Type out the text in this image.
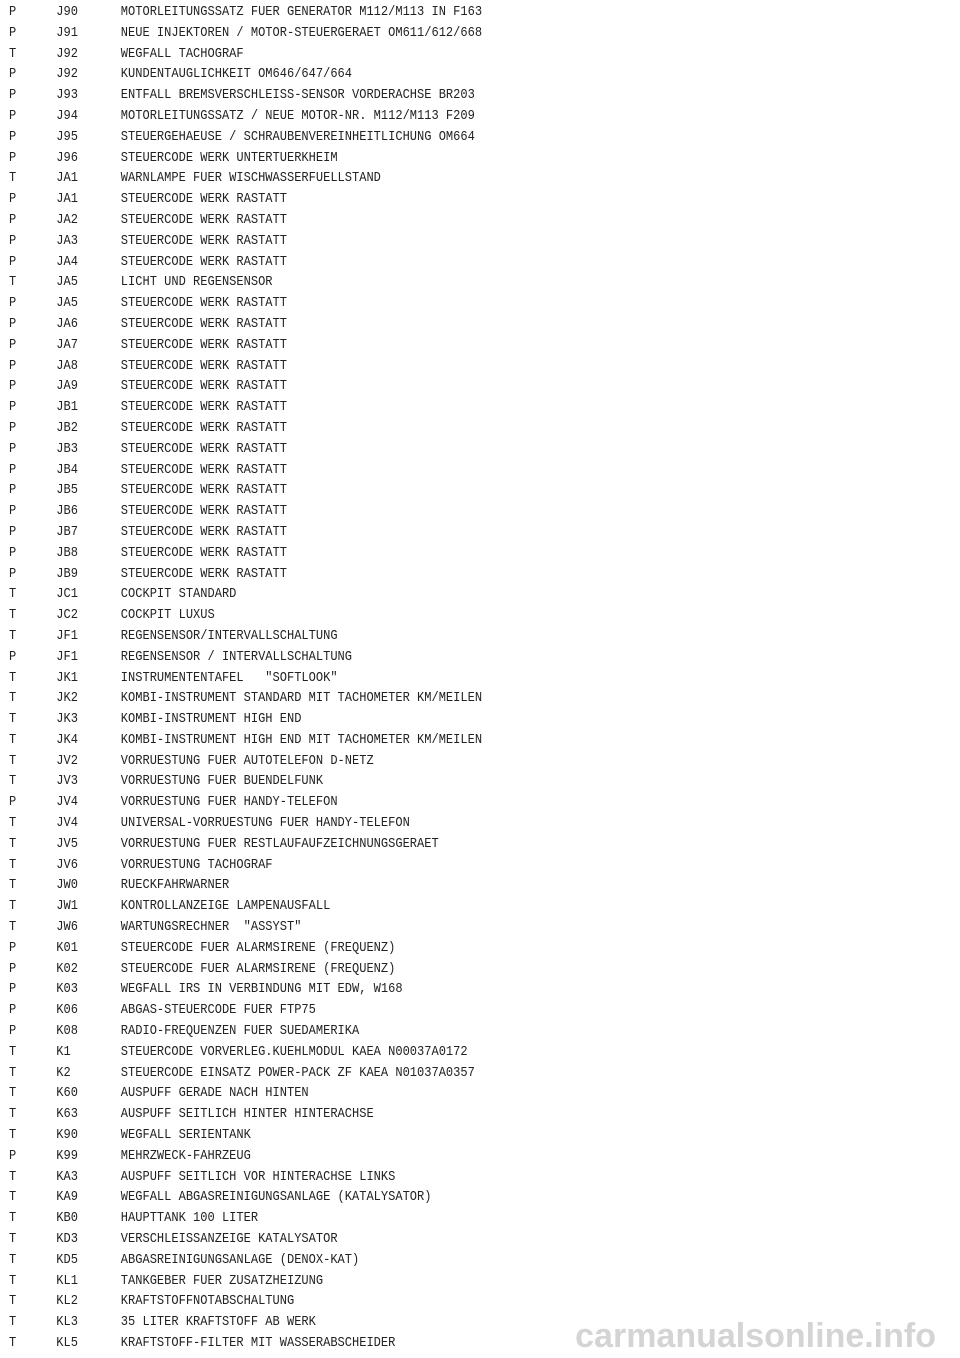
P	J90	MOTORLEITUNGSSATZ FUER GENERATOR M112/M113 IN F163
P	J91	NEUE INJEKTOREN / MOTOR-STEUERGERAET OM611/612/668
T	J92	WEGFALL TACHOGRAF
P	J92	KUNDENTAUGLICHKEIT OM646/647/664
P	J93	ENTFALL BREMSVERSCHLEISS-SENSOR VORDERACHSE BR203
P	J94	MOTORLEITUNGSSATZ / NEUE MOTOR-NR. M112/M113 F209
P	J95	STEUERGEHAEUSE / SCHRAUBENVEREINHEITLICHUNG OM664
P	J96	STEUERCODE WERK UNTERTUERKHEIM
T	JA1	WARNLAMPE FUER WISCHWASSERFUELLSTAND
P	JA1	STEUERCODE WERK RASTATT
P	JA2	STEUERCODE WERK RASTATT
P	JA3	STEUERCODE WERK RASTATT
P	JA4	STEUERCODE WERK RASTATT
T	JA5	LICHT UND REGENSENSOR
P	JA5	STEUERCODE WERK RASTATT
P	JA6	STEUERCODE WERK RASTATT
P	JA7	STEUERCODE WERK RASTATT
P	JA8	STEUERCODE WERK RASTATT
P	JA9	STEUERCODE WERK RASTATT
P	JB1	STEUERCODE WERK RASTATT
P	JB2	STEUERCODE WERK RASTATT
P	JB3	STEUERCODE WERK RASTATT
P	JB4	STEUERCODE WERK RASTATT
P	JB5	STEUERCODE WERK RASTATT
P	JB6	STEUERCODE WERK RASTATT
P	JB7	STEUERCODE WERK RASTATT
P	JB8	STEUERCODE WERK RASTATT
P	JB9	STEUERCODE WERK RASTATT
T	JC1	COCKPIT STANDARD
T	JC2	COCKPIT LUXUS
T	JF1	REGENSENSOR/INTERVALLSCHALTUNG
P	JF1	REGENSENSOR / INTERVALLSCHALTUNG
T	JK1	INSTRUMENTENTAFEL   "SOFTLOOK"
T	JK2	KOMBI-INSTRUMENT STANDARD MIT TACHOMETER KM/MEILEN
T	JK3	KOMBI-INSTRUMENT HIGH END
T	JK4	KOMBI-INSTRUMENT HIGH END MIT TACHOMETER KM/MEILEN
T	JV2	VORRUESTUNG FUER AUTOTELEFON D-NETZ
T	JV3	VORRUESTUNG FUER BUENDELFUNK
P	JV4	VORRUESTUNG FUER HANDY-TELEFON
T	JV4	UNIVERSAL-VORRUESTUNG FUER HANDY-TELEFON
T	JV5	VORRUESTUNG FUER RESTLAUFAUFZEICHNUNGSGERAET
T	JV6	VORRUESTUNG TACHOGRAF
T	JW0	RUECKFAHRWARNER
T	JW1	KONTROLLANZEIGE LAMPENAUSFALL
T	JW6	WARTUNGSRECHNER  "ASSYST"
P	K01	STEUERCODE FUER ALARMSIRENE (FREQUENZ)
P	K02	STEUERCODE FUER ALARMSIRENE (FREQUENZ)
P	K03	WEGFALL IRS IN VERBINDUNG MIT EDW, W168
P	K06	ABGAS-STEUERCODE FUER FTP75
P	K08	RADIO-FREQUENZEN FUER SUEDAMERIKA
T	K1	STEUERCODE VORVERLEG.KUEHLMODUL KAEA N00037A0172
T	K2	STEUERCODE EINSATZ POWER-PACK ZF KAEA N01037A0357
T	K60	AUSPUFF GERADE NACH HINTEN
T	K63	AUSPUFF SEITLICH HINTER HINTERACHSE
T	K90	WEGFALL SERIENTANK
P	K99	MEHRZWECK-FAHRZEUG
T	KA3	AUSPUFF SEITLICH VOR HINTERACHSE LINKS
T	KA9	WEGFALL ABGASREINIGUNGSANLAGE (KATALYSATOR)
T	KB0	HAUPTTANK 100 LITER
T	KD3	VERSCHLEISSANZEIGE KATALYSATOR
T	KD5	ABGASREINIGUNGSANLAGE (DENOX-KAT)
T	KL1	TANKGEBER FUER ZUSATZHEIZUNG
T	KL2	KRAFTSTOFFNOTABSCHALTUNG
T	KL3	35 LITER KRAFTSTOFF AB WERK
T	KL5	KRAFTSTOFF-FILTER MIT WASSERABSCHEIDER	carmanualsonline.info
